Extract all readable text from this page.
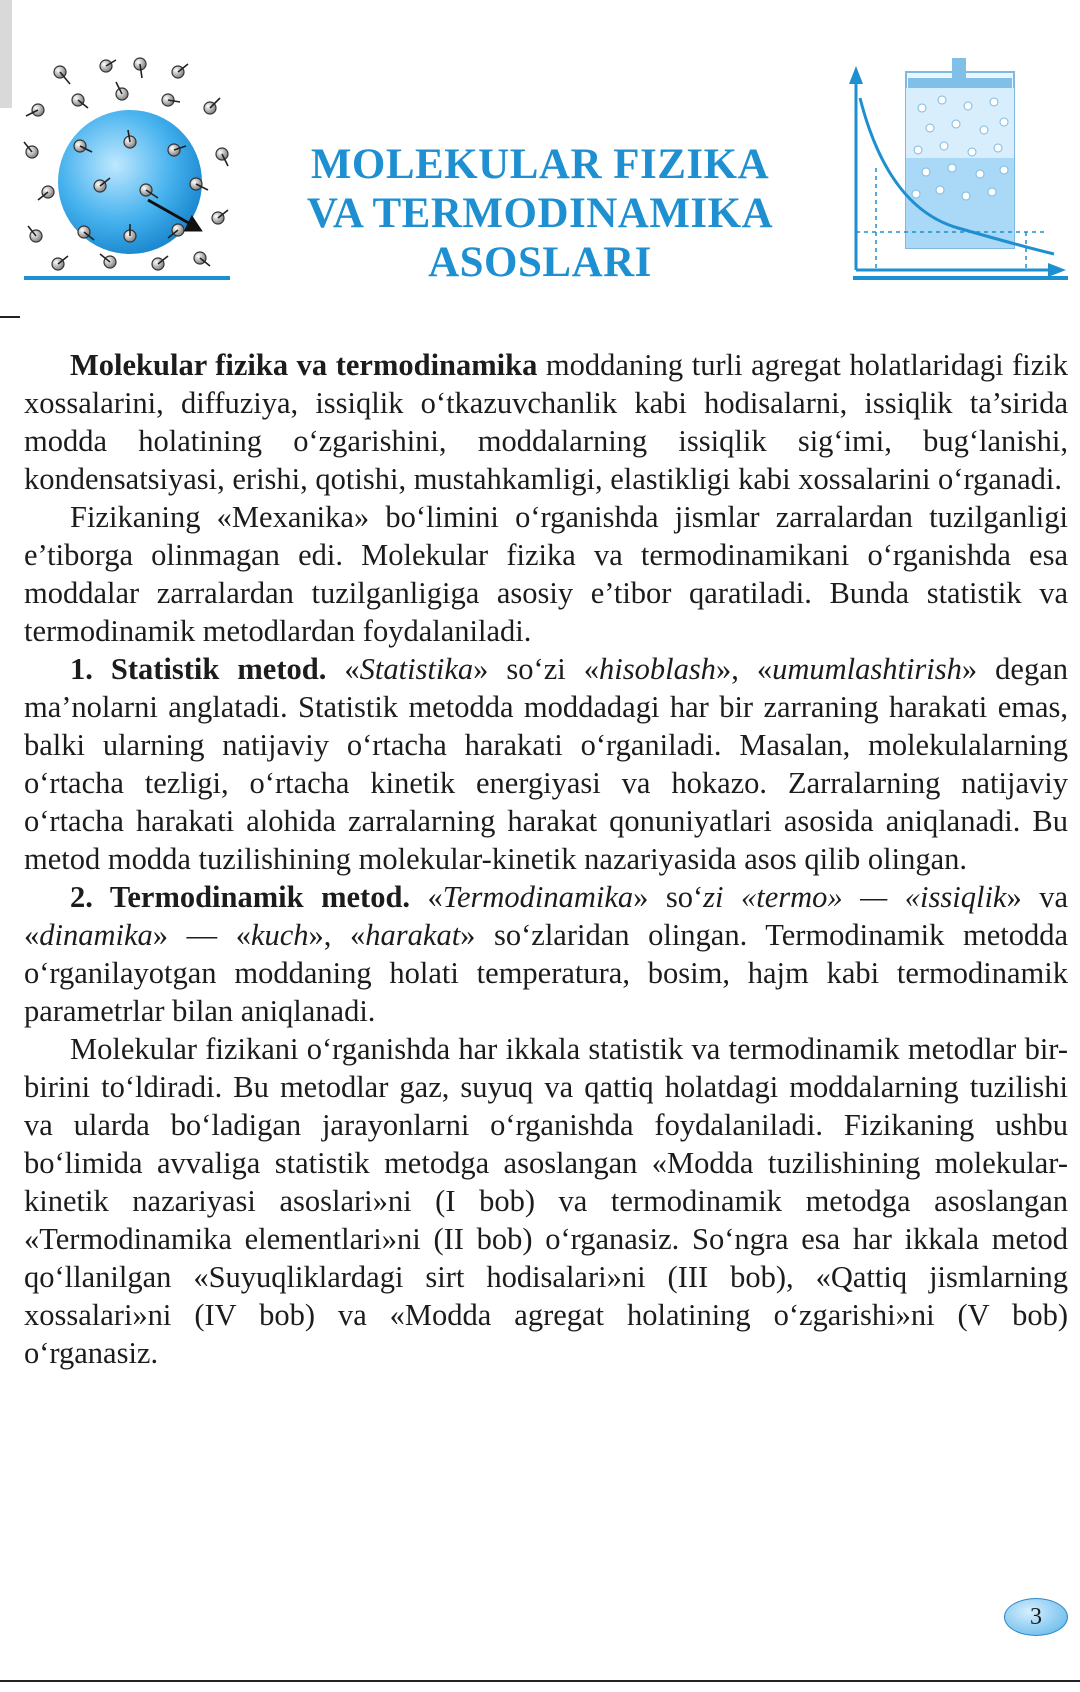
MOLEKULAR FIZIKA
VA TERMODINAMIKA
ASOSLARI

Molekular fizika va termodinamika moddaning turli agregat holatlaridagi fizik xossalarini, diffuziya, issiqlik o‘tkazuvchanlik kabi hodisalarni, issiqlik ta’sirida modda holatining o‘zgarishini, moddalarning issiqlik sig‘imi, bug‘lanishi, kondensatsiyasi, erishi, qotishi, mustahkamligi, elastikligi kabi xossalarini o‘rganadi.

Fizikaning «Mexanika» bo‘limini o‘rganishda jismlar zarralardan tuzilganligi e’tiborga olinmagan edi. Molekular fizika va termodinamikani o‘rganishda esa moddalar zarralardan tuzilganligiga asosiy e’tibor qaratiladi. Bunda statistik va termodinamik metodlardan foydalaniladi.

1. Statistik metod. «Statistika» so‘zi «hisoblash», «umumlashtirish» degan ma’nolarni anglatadi. Statistik metodda moddadagi har bir zarraning harakati emas, balki ularning natijaviy o‘rtacha harakati o‘rganiladi. Masalan, molekulalarning o‘rtacha tezligi, o‘rtacha kinetik energiyasi va hokazo. Zarralarning natijaviy o‘rtacha harakati alohida zarralarning harakat qonuniyatlari asosida aniqlanadi. Bu metod modda tuzilishining molekular-kinetik nazariyasida asos qilib olingan.

2. Termodinamik metod. «Termodinamika» so‘zi «termo» — «issiqlik» va «dinamika» — «kuch», «harakat» so‘zlaridan olingan. Termodinamik metodda o‘rganilayotgan moddaning holati temperatura, bosim, hajm kabi termodinamik parametrlar bilan aniqlanadi.

Molekular fizikani o‘rganishda har ikkala statistik va termodinamik metodlar bir-birini to‘ldiradi. Bu metodlar gaz, suyuq va qattiq holatdagi moddalarning tuzilishi va ularda bo‘ladigan jarayonlarni o‘rganishda foydalaniladi. Fizikaning ushbu bo‘limida avvaliga statistik metodga asoslangan «Modda tuzilishining molekular-kinetik nazariyasi asoslari»ni (I bob) va termodinamik metodga asoslangan «Termodinamika elementlari»ni (II bob) o‘rganasiz. So‘ngra esa har ikkala metod qo‘llanilgan «Suyuqliklardagi sirt hodisalari»ni (III bob), «Qattiq jismlarning xossalari»ni (IV bob) va «Modda agregat holatining o‘zgarishi»ni (V bob) o‘rganasiz.

3
